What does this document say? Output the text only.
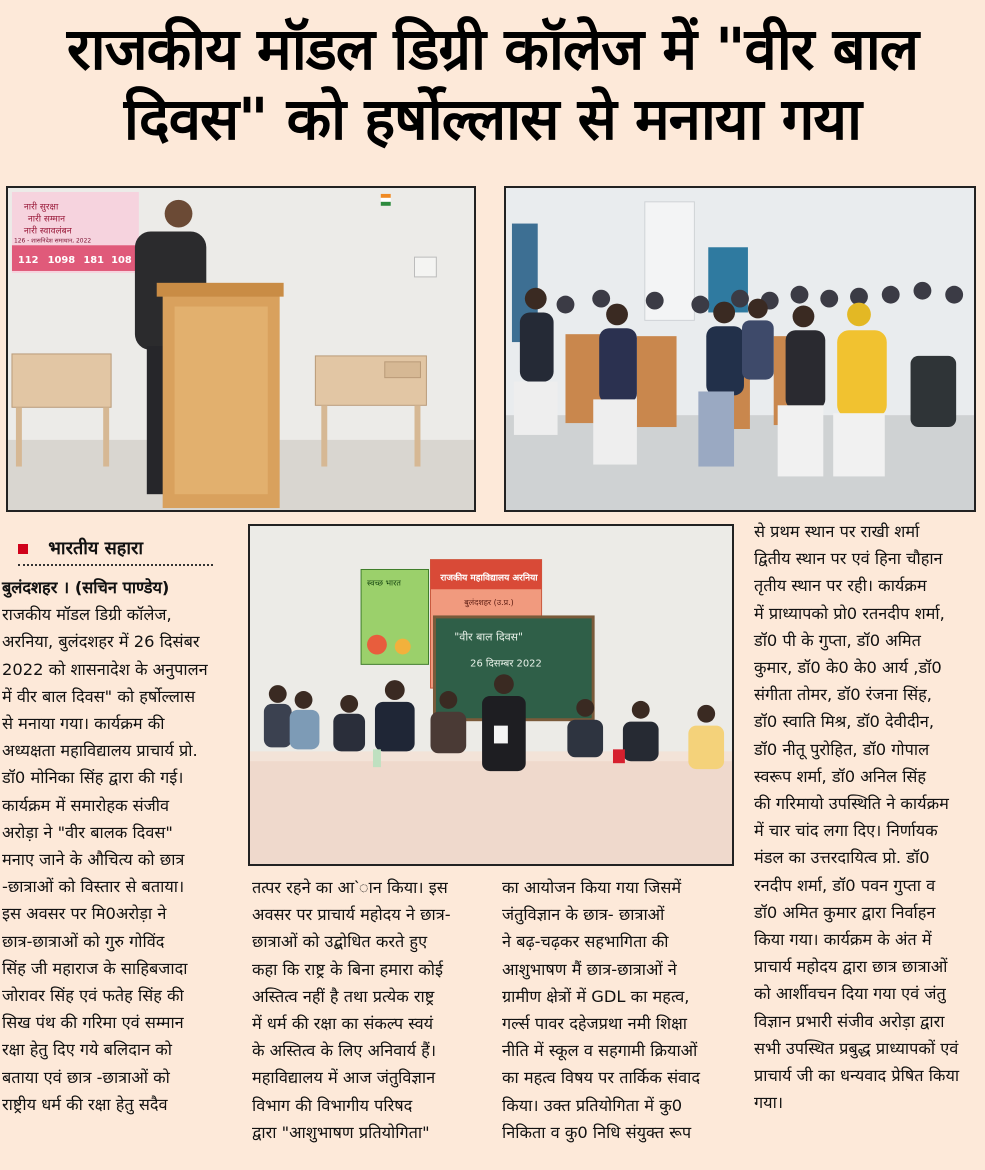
राजकीय मॉडल डिग्री कॉलेज में "वीर बाल
दिवस" को हर्षोल्लास से मनाया गया
नारी सुरक्षा
नारी सम्मान
नारी स्वावलंबन
126 - शासनिदेश समाधान, 2022
112 1098 181 108
स्वच्छ भारत	राजकीय महाविद्यालय अरनिया
बुलंदशहर (उ.प्र.)
"वीर बाल दिवस"
26 दिसम्बर 2022
भारतीय सहारा
बुलंदशहर । (सचिन पाण्डेय)
राजकीय मॉडल डिग्री कॉलेज,
अरनिया, बुलंदशहर में 26 दिसंबर
2022 को शासनादेश के अनुपालन
में वीर बाल दिवस" को हर्षोल्लास
से मनाया गया। कार्यक्रम की
अध्यक्षता महाविद्यालय प्राचार्य प्रो.
डॉ0 मोनिका सिंह द्वारा की गई।
कार्यक्रम में समारोहक संजीव
अरोड़ा ने "वीर बालक दिवस"
मनाए जाने के औचित्य को छात्र
-छात्राओं को विस्तार से बताया।
इस अवसर पर मि0अरोड़ा ने
छात्र-छात्राओं को गुरु गोविंद
सिंह जी महाराज के साहिबजादा
जोरावर सिंह एवं फतेह सिंह की
सिख पंथ की गरिमा एवं सम्मान
रक्षा हेतु दिए गये बलिदान को
बताया एवं छात्र -छात्राओं को
राष्ट्रीय धर्म की रक्षा हेतु सदैव
तत्पर रहने का आ`ान किया। इस
अवसर पर प्राचार्य महोदय ने छात्र-
छात्राओं को उद्बोधित करते हुए
कहा कि राष्ट्र के बिना हमारा कोई
अस्तित्व नहीं है तथा प्रत्येक राष्ट्र
में धर्म की रक्षा का संकल्प स्वयं
के अस्तित्व के लिए अनिवार्य हैं।
महाविद्यालय में आज जंतुविज्ञान
विभाग की विभागीय परिषद
द्वारा "आशुभाषण प्रतियोगिता"
का आयोजन किया गया जिसमें
जंतुविज्ञान के छात्र- छात्राओं
ने बढ़-चढ़कर सहभागिता की
आशुभाषण मैं छात्र-छात्राओं ने
ग्रामीण क्षेत्रों में GDL का महत्व,
गर्ल्स पावर दहेजप्रथा नमी शिक्षा
नीति में स्कूल व सहगामी क्रियाओं
का महत्व विषय पर तार्किक संवाद
किया। उक्त प्रतियोगिता में कु0
निकिता व कु0 निधि संयुक्त रूप
से प्रथम स्थान पर राखी शर्मा
द्वितीय स्थान पर एवं हिना चौहान
तृतीय स्थान पर रही। कार्यक्रम
में प्राध्यापको प्रो0 रतनदीप शर्मा,
डॉ0 पी के गुप्ता, डॉ0 अमित
कुमार, डॉ0 के0 के0 आर्य ,डॉ0
संगीता तोमर, डॉ0 रंजना सिंह,
डॉ0 स्वाति मिश्र, डॉ0 देवीदीन,
डॉ0 नीतू पुरोहित, डॉ0 गोपाल
स्वरूप शर्मा, डॉ0 अनिल सिंह
की गरिमायो उपस्थिति ने कार्यक्रम
में चार चांद लगा दिए। निर्णायक
मंडल का उत्तरदायित्व प्रो. डॉ0
रनदीप शर्मा, डॉ0 पवन गुप्ता व
डॉ0 अमित कुमार द्वारा निर्वाहन
किया गया। कार्यक्रम के अंत में
प्राचार्य महोदय द्वारा छात्र छात्राओं
को आर्शीवचन दिया गया एवं जंतु
विज्ञान प्रभारी संजीव अरोड़ा द्वारा
सभी उपस्थित प्रबुद्ध प्राध्यापकों एवं
प्राचार्य जी का धन्यवाद प्रेषित किया
गया।
